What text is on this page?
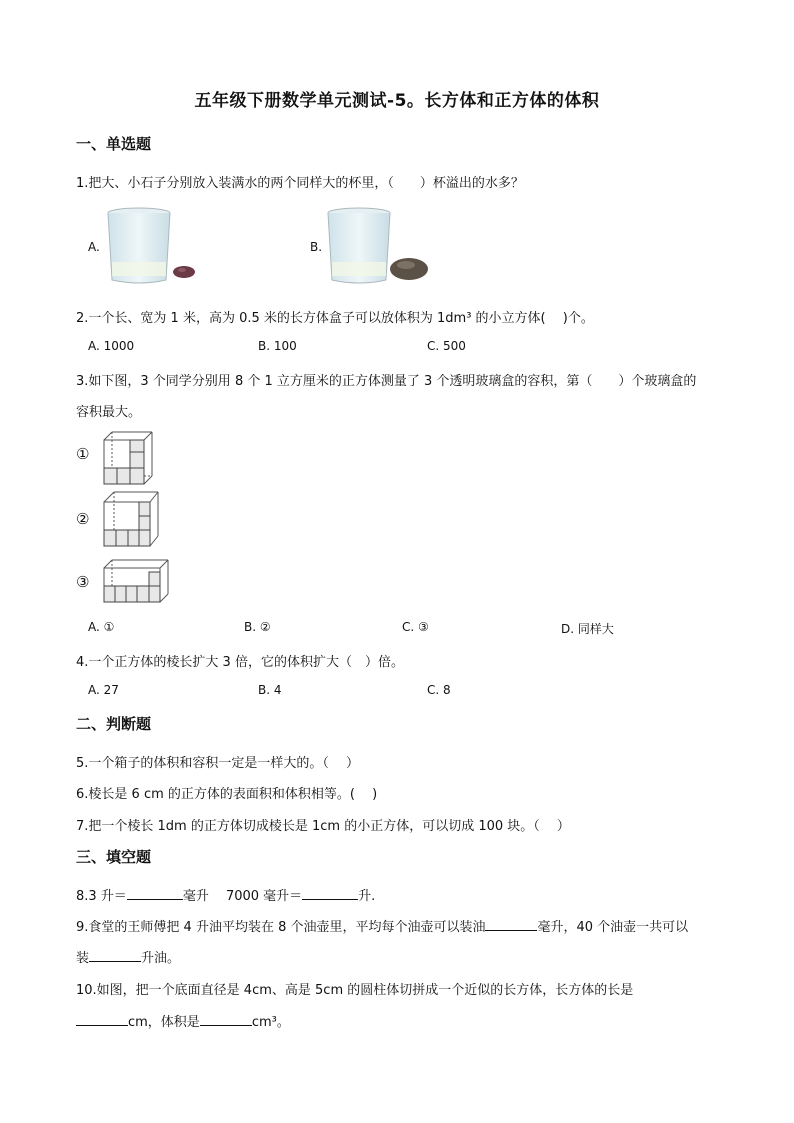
五年级下册数学单元测试-5。长方体和正方体的体积
一、单选题
1.把大、小石子分别放入装满水的两个同样大的杯里，（　　）杯溢出的水多？
A.	B.
2.一个长、宽为 1 米，高为 0.5 米的长方体盒子可以放体积为 1dm³ 的小立方体(　 )个。
A. 1000	B. 100	C. 500
3.如下图，3 个同学分别用 8 个 1 立方厘米的正方体测量了 3 个透明玻璃盒的容积，第（　　）个玻璃盒的
容积最大。
①
②
③
A. ①	B. ②	C. ③	D. 同样大
4.一个正方体的棱长扩大 3 倍，它的体积扩大（　）倍。
A. 27	B. 4	C. 8
二、判断题
5.一个箱子的体积和容积一定是一样大的。（　 ）
6.棱长是 6 cm 的正方体的表面积和体积相等。( 　)
7.把一个棱长 1dm 的正方体切成棱长是 1cm 的小正方体，可以切成 100 块。（　 ）
三、填空题
8.3 升＝	毫升　 7000 毫升＝	升.
9.食堂的王师傅把 4 升油平均装在 8 个油壶里，平均每个油壶可以装油	毫升，40 个油壶一共可以
装	升油。
10.如图，把一个底面直径是 4cm、高是 5cm 的圆柱体切拼成一个近似的长方体，长方体的长是
cm，体积是	cm³。
